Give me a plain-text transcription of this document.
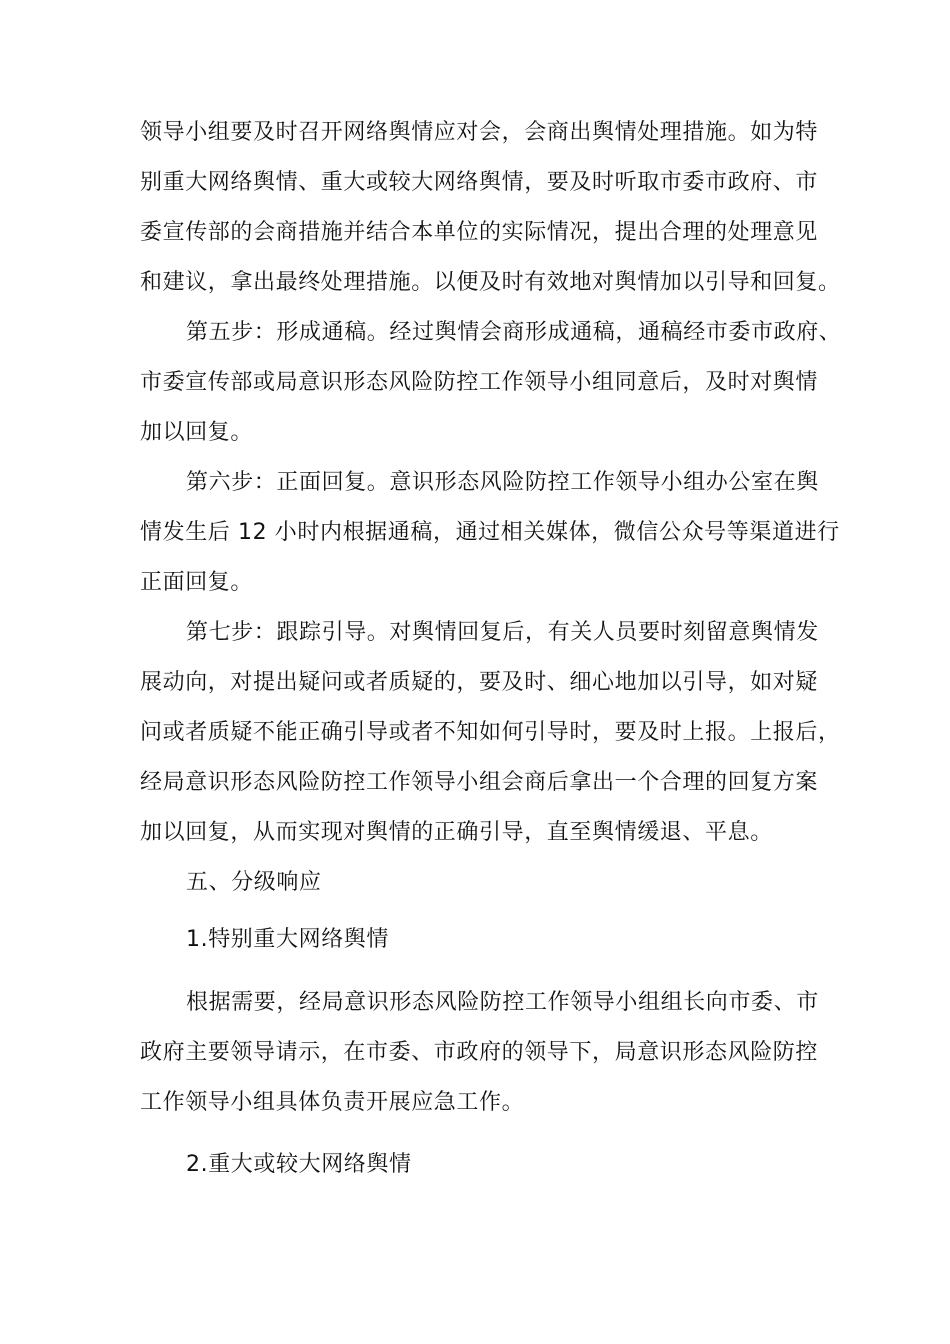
领导小组要及时召开网络舆情应对会，会商出舆情处理措施。如为特

别重大网络舆情、重大或较大网络舆情，要及时听取市委市政府、市

委宣传部的会商措施并结合本单位的实际情况，提出合理的处理意见

和建议，拿出最终处理措施。以便及时有效地对舆情加以引导和回复。

第五步：形成通稿。经过舆情会商形成通稿，通稿经市委市政府、

市委宣传部或局意识形态风险防控工作领导小组同意后，及时对舆情

加以回复。

第六步：正面回复。意识形态风险防控工作领导小组办公室在舆

情发生后 12 小时内根据通稿，通过相关媒体，微信公众号等渠道进行

正面回复。

第七步：跟踪引导。对舆情回复后，有关人员要时刻留意舆情发

展动向，对提出疑问或者质疑的，要及时、细心地加以引导，如对疑

问或者质疑不能正确引导或者不知如何引导时，要及时上报。上报后，

经局意识形态风险防控工作领导小组会商后拿出一个合理的回复方案

加以回复，从而实现对舆情的正确引导，直至舆情缓退、平息。

五、分级响应

1.特别重大网络舆情

根据需要，经局意识形态风险防控工作领导小组组长向市委、市

政府主要领导请示，在市委、市政府的领导下，局意识形态风险防控

工作领导小组具体负责开展应急工作。

2.重大或较大网络舆情
